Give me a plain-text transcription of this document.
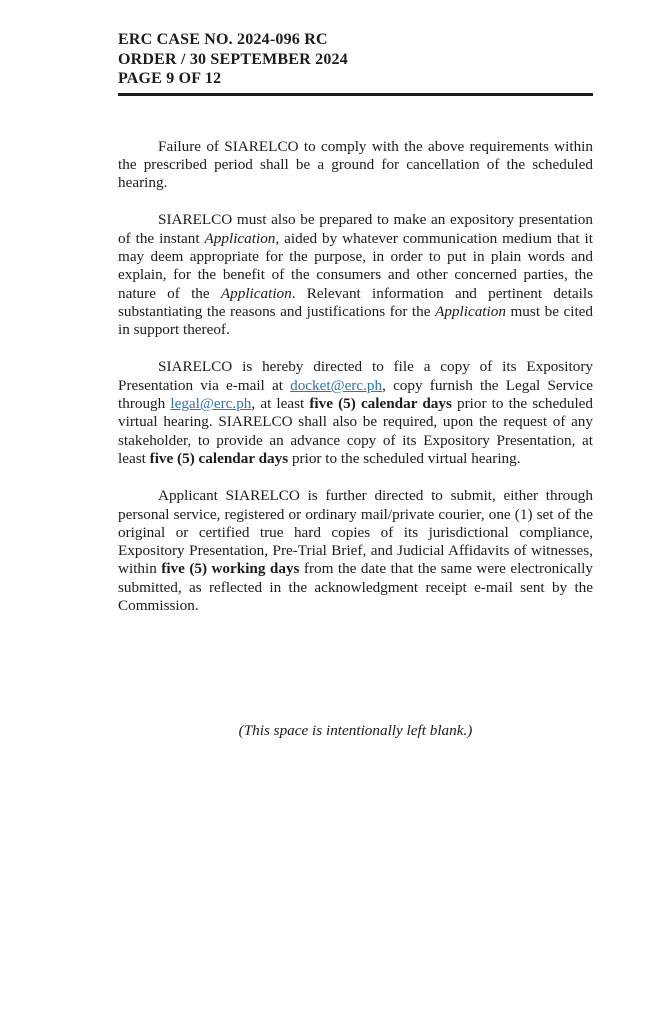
ERC CASE NO. 2024-096 RC
ORDER / 30 SEPTEMBER 2024
PAGE 9 OF 12

Failure of SIARELCO to comply with the above requirements within the prescribed period shall be a ground for cancellation of the scheduled hearing.

SIARELCO must also be prepared to make an expository presentation of the instant Application, aided by whatever communication medium that it may deem appropriate for the purpose, in order to put in plain words and explain, for the benefit of the consumers and other concerned parties, the nature of the Application. Relevant information and pertinent details substantiating the reasons and justifications for the Application must be cited in support thereof.

SIARELCO is hereby directed to file a copy of its Expository Presentation via e-mail at docket@erc.ph, copy furnish the Legal Service through legal@erc.ph, at least five (5) calendar days prior to the scheduled virtual hearing. SIARELCO shall also be required, upon the request of any stakeholder, to provide an advance copy of its Expository Presentation, at least five (5) calendar days prior to the scheduled virtual hearing.

Applicant SIARELCO is further directed to submit, either through personal service, registered or ordinary mail/private courier, one (1) set of the original or certified true hard copies of its jurisdictional compliance, Expository Presentation, Pre-Trial Brief, and Judicial Affidavits of witnesses, within five (5) working days from the date that the same were electronically submitted, as reflected in the acknowledgment receipt e-mail sent by the Commission.

(This space is intentionally left blank.)
